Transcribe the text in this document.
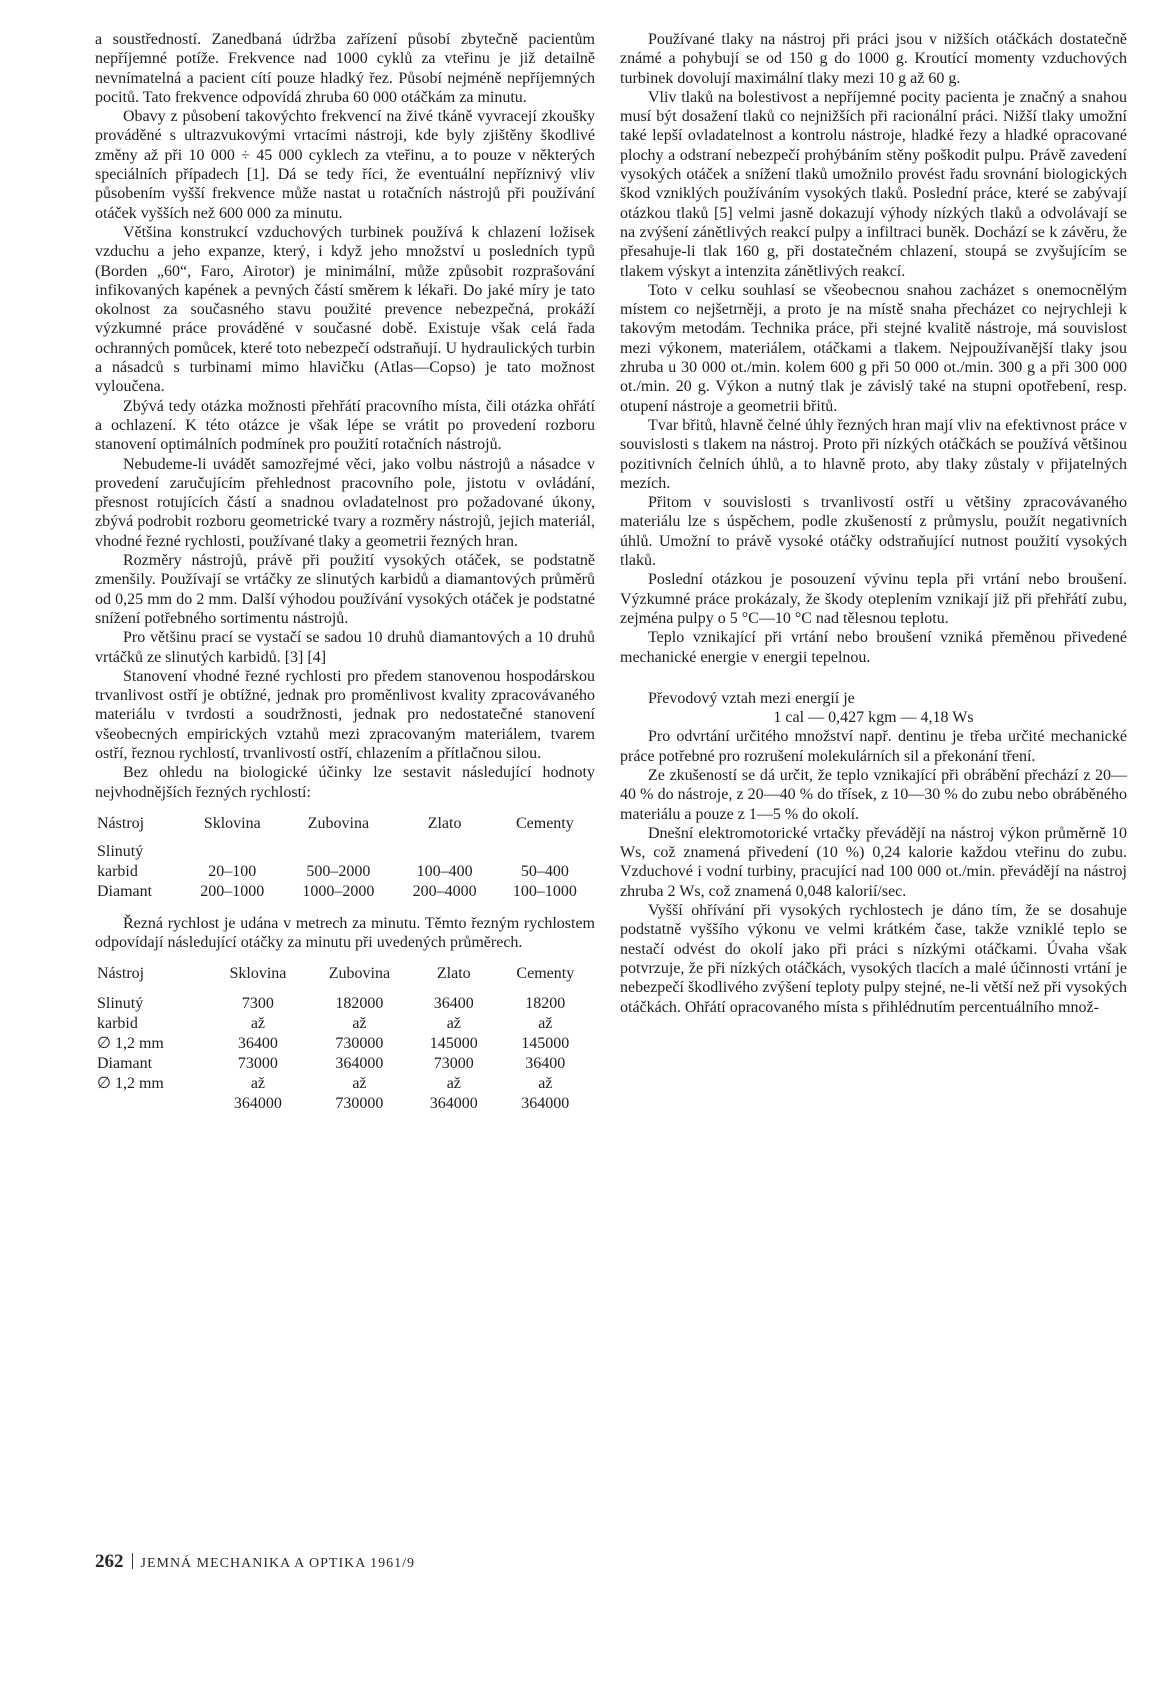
a soustředností. Zanedbaná údržba zařízení působí zbytečně pacientům nepříjemné potíže. Frekvence nad 1000 cyklů za vteřinu je již detailně nevnímatelná a pacient cítí pouze hladký řez. Působí nejméně nepříjemných pocitů. Tato frekvence odpovídá zhruba 60 000 otáčkám za minutu.

Obavy z působení takovýchto frekvencí na živé tkáně vyvracejí zkoušky prováděné s ultrazvukovými vrtacími nástroji, kde byly zjištěny škodlivé změny až při 10 000 ÷ 45 000 cyklech za vteřinu, a to pouze v některých speciálních případech [1]. Dá se tedy říci, že eventuální nepříznivý vliv působením vyšší frekvence může nastat u rotačních nástrojů při používání otáček vyšších než 600 000 za minutu.

Většina konstrukcí vzduchových turbinek používá k chlazení ložisek vzduchu a jeho expanze, který, i když jeho množství u posledních typů (Borden „60“, Faro, Airotor) je minimální, může způsobit rozprašování infikovaných kapének a pevných částí směrem k lékaři. Do jaké míry je tato okolnost za současného stavu použité prevence nebezpečná, prokáží výzkumné práce prováděné v současné době. Existuje však celá řada ochranných pomůcek, které toto nebezpečí odstraňují. U hydraulických turbin a násadců s turbinami mimo hlavičku (Atlas—Copso) je tato možnost vyloučena.

Zbývá tedy otázka možnosti přehřátí pracovního místa, čili otázka ohřátí a ochlazení. K této otázce je však lépe se vrátit po provedení rozboru stanovení optimálních podmínek pro použití rotačních nástrojů.

Nebudeme-li uvádět samozřejmé věci, jako volbu nástrojů a násadce v provedení zaručujícím přehlednost pracovního pole, jistotu v ovládání, přesnost rotujících částí a snadnou ovladatelnost pro požadované úkony, zbývá podrobit rozboru geometrické tvary a rozměry nástrojů, jejich materiál, vhodné řezné rychlosti, používané tlaky a geometrii řezných hran.

Rozměry nástrojů, právě při použití vysokých otáček, se podstatně zmenšily. Používají se vrtáčky ze slinutých karbidů a diamantových průměrů od 0,25 mm do 2 mm. Další výhodou používání vysokých otáček je podstatné snížení potřebného sortimentu nástrojů.

Pro většinu prací se vystačí se sadou 10 druhů diamantových a 10 druhů vrtáčků ze slinutých karbidů. [3] [4]

Stanovení vhodné řezné rychlosti pro předem stanovenou hospodárskou trvanlivost ostří je obtížné, jednak pro proměnlivost kvality zpracovávaného materiálu v tvrdosti a soudržnosti, jednak pro nedostatečné stanovení všeobecných empirických vztahů mezi zpracovaným materiálem, tvarem ostří, řeznou rychlostí, trvanlivostí ostří, chlazením a přítlačnou silou.

Bez ohledu na biologické účinky lze sestavit následující hodnoty nejvhodnějších řezných rychlostí:

Nástroj	Sklovina	Zubovina	Zlato	Cementy
Slinutý				
karbid	20–100	500–2000	100–400	50–400
Diamant	200–1000	1000–2000	200–4000	100–1000

Řezná rychlost je udána v metrech za minutu. Těmto řezným rychlostem odpovídají následující otáčky za minutu při uvedených průměrech.

Nástroj	Sklovina	Zubovina	Zlato	Cementy
Slinutý	7300	182000	36400	18200
karbid	až	až	až	až
∅ 1,2 mm	36400	730000	145000	145000
Diamant	73000	364000	73000	36400
∅ 1,2 mm	až	až	až	až
	364000	730000	364000	364000

Používané tlaky na nástroj při práci jsou v nižších otáčkách dostatečně známé a pohybují se od 150 g do 1000 g. Kroutící momenty vzduchových turbinek dovolují maximální tlaky mezi 10 g až 60 g.

Vliv tlaků na bolestivost a nepříjemné pocity pacienta je značný a snahou musí být dosažení tlaků co nejnižších při racionální práci. Nižší tlaky umožní také lepší ovladatelnost a kontrolu nástroje, hladké řezy a hladké opracované plochy a odstraní nebezpečí prohýbáním stěny poškodit pulpu. Právě zavedení vysokých otáček a snížení tlaků umožnilo provést řadu srovnání biologických škod vzniklých používáním vysokých tlaků. Poslední práce, které se zabývají otázkou tlaků [5] velmi jasně dokazují výhody nízkých tlaků a odvolávají se na zvýšení zánětlivých reakcí pulpy a infiltraci buněk. Dochází se k závěru, že přesahuje-li tlak 160 g, při dostatečném chlazení, stoupá se zvyšujícím se tlakem výskyt a intenzita zánětlivých reakcí.

Toto v celku souhlasí se všeobecnou snahou zacházet s onemocnělým místem co nejšetrněji, a proto je na místě snaha přecházet co nejrychleji k takovým metodám. Technika práce, při stejné kvalitě nástroje, má souvislost mezi výkonem, materiálem, otáčkami a tlakem. Nejpoužívanější tlaky jsou zhruba u 30 000 ot./min. kolem 600 g při 50 000 ot./min. 300 g a při 300 000 ot./min. 20 g. Výkon a nutný tlak je závislý také na stupni opotřebení, resp. otupení nástroje a geometrii břitů.

Tvar břitů, hlavně čelné úhly řezných hran mají vliv na efektivnost práce v souvislosti s tlakem na nástroj. Proto při nízkých otáčkách se používá většinou pozitivních čelních úhlů, a to hlavně proto, aby tlaky zůstaly v přijatelných mezích.

Přitom v souvislosti s trvanlivostí ostří u většiny zpracovávaného materiálu lze s úspěchem, podle zkušeností z průmyslu, použít negativních úhlů. Umožní to právě vysoké otáčky odstraňující nutnost použití vysokých tlaků.

Poslední otázkou je posouzení vývinu tepla při vrtání nebo broušení. Výzkumné práce prokázaly, že škody oteplením vznikají již při přehřátí zubu, zejména pulpy o 5 °C—10 °C nad tělesnou teplotu.

Teplo vznikající při vrtání nebo broušení vzniká přeměnou přivedené mechanické energie v energii tepelnou.

Převodový vztah mezi energií je

1 cal — 0,427 kgm — 4,18 Ws

Pro odvrtání určitého množství např. dentinu je třeba určité mechanické práce potřebné pro rozrušení molekulárních sil a překonání tření.

Ze zkušeností se dá určit, že teplo vznikající při obrábění přechází z 20—40 % do nástroje, z 20—40 % do třísek, z 10—30 % do zubu nebo obráběného materiálu a pouze z 1—5 % do okolí.

Dnešní elektromotorické vrtačky převádějí na nástroj výkon průměrně 10 Ws, což znamená přivedení (10 %) 0,24 kalorie každou vteřinu do zubu. Vzduchové i vodní turbiny, pracující nad 100 000 ot./min. převádějí na nástroj zhruba 2 Ws, což znamená 0,048 kalorií/sec.

Vyšší ohřívání při vysokých rychlostech je dáno tím, že se dosahuje podstatně vyššího výkonu ve velmi krátkém čase, takže vzniklé teplo se nestačí odvést do okolí jako při práci s nízkými otáčkami. Úvaha však potvrzuje, že při nízkých otáčkách, vysokých tlacích a malé účinnosti vrtání je nebezpečí škodlivého zvýšení teploty pulpy stejné, ne-li větší než při vysokých otáčkách. Ohřátí opracovaného místa s přihlédnutím percentuálního množ-

262 JEMNÁ MECHANIKA A OPTIKA 1961/9
